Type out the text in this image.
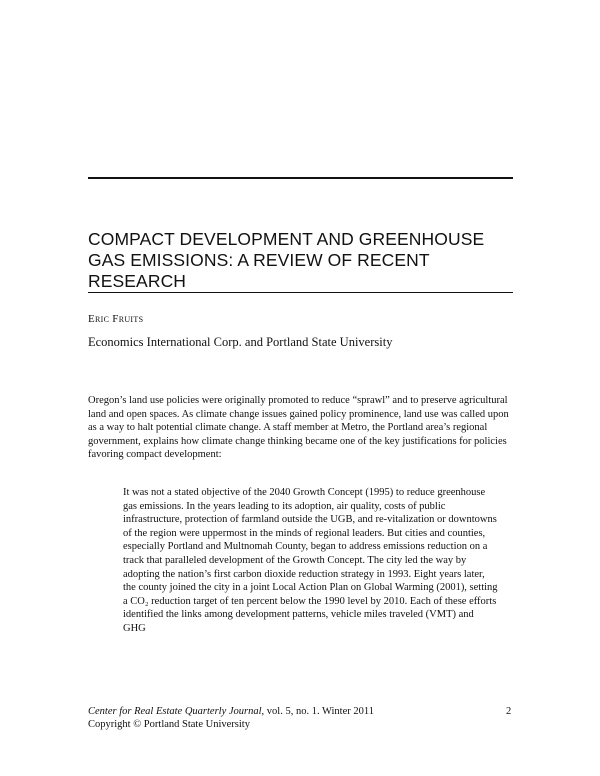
COMPACT DEVELOPMENT AND GREENHOUSE GAS EMISSIONS: A REVIEW OF RECENT RESEARCH
Eric Fruits
Economics International Corp. and Portland State University

Oregon’s land use policies were originally promoted to reduce “sprawl” and to preserve agricultural land and open spaces. As climate change issues gained policy prominence, land use was called upon as a way to halt potential climate change. A staff member at Metro, the Portland area’s regional government, explains how climate change thinking became one of the key justifications for policies favoring compact development:

It was not a stated objective of the 2040 Growth Concept (1995) to reduce greenhouse gas emissions. In the years leading to its adoption, air quality, costs of public infrastructure, protection of farmland outside the UGB, and re-vitalization or downtowns of the region were uppermost in the minds of regional leaders. But cities and counties, especially Portland and Multnomah County, began to address emissions reduction on a track that paralleled development of the Growth Concept. The city led the way by adopting the nation’s first carbon dioxide reduction strategy in 1993. Eight years later, the county joined the city in a joint Local Action Plan on Global Warming (2001), setting a CO₂ reduction target of ten percent below the 1990 level by 2010. Each of these efforts identified the links among development patterns, vehicle miles traveled (VMT) and GHG

Center for Real Estate Quarterly Journal, vol. 5, no. 1. Winter 2011
Copyright © Portland State University
2
